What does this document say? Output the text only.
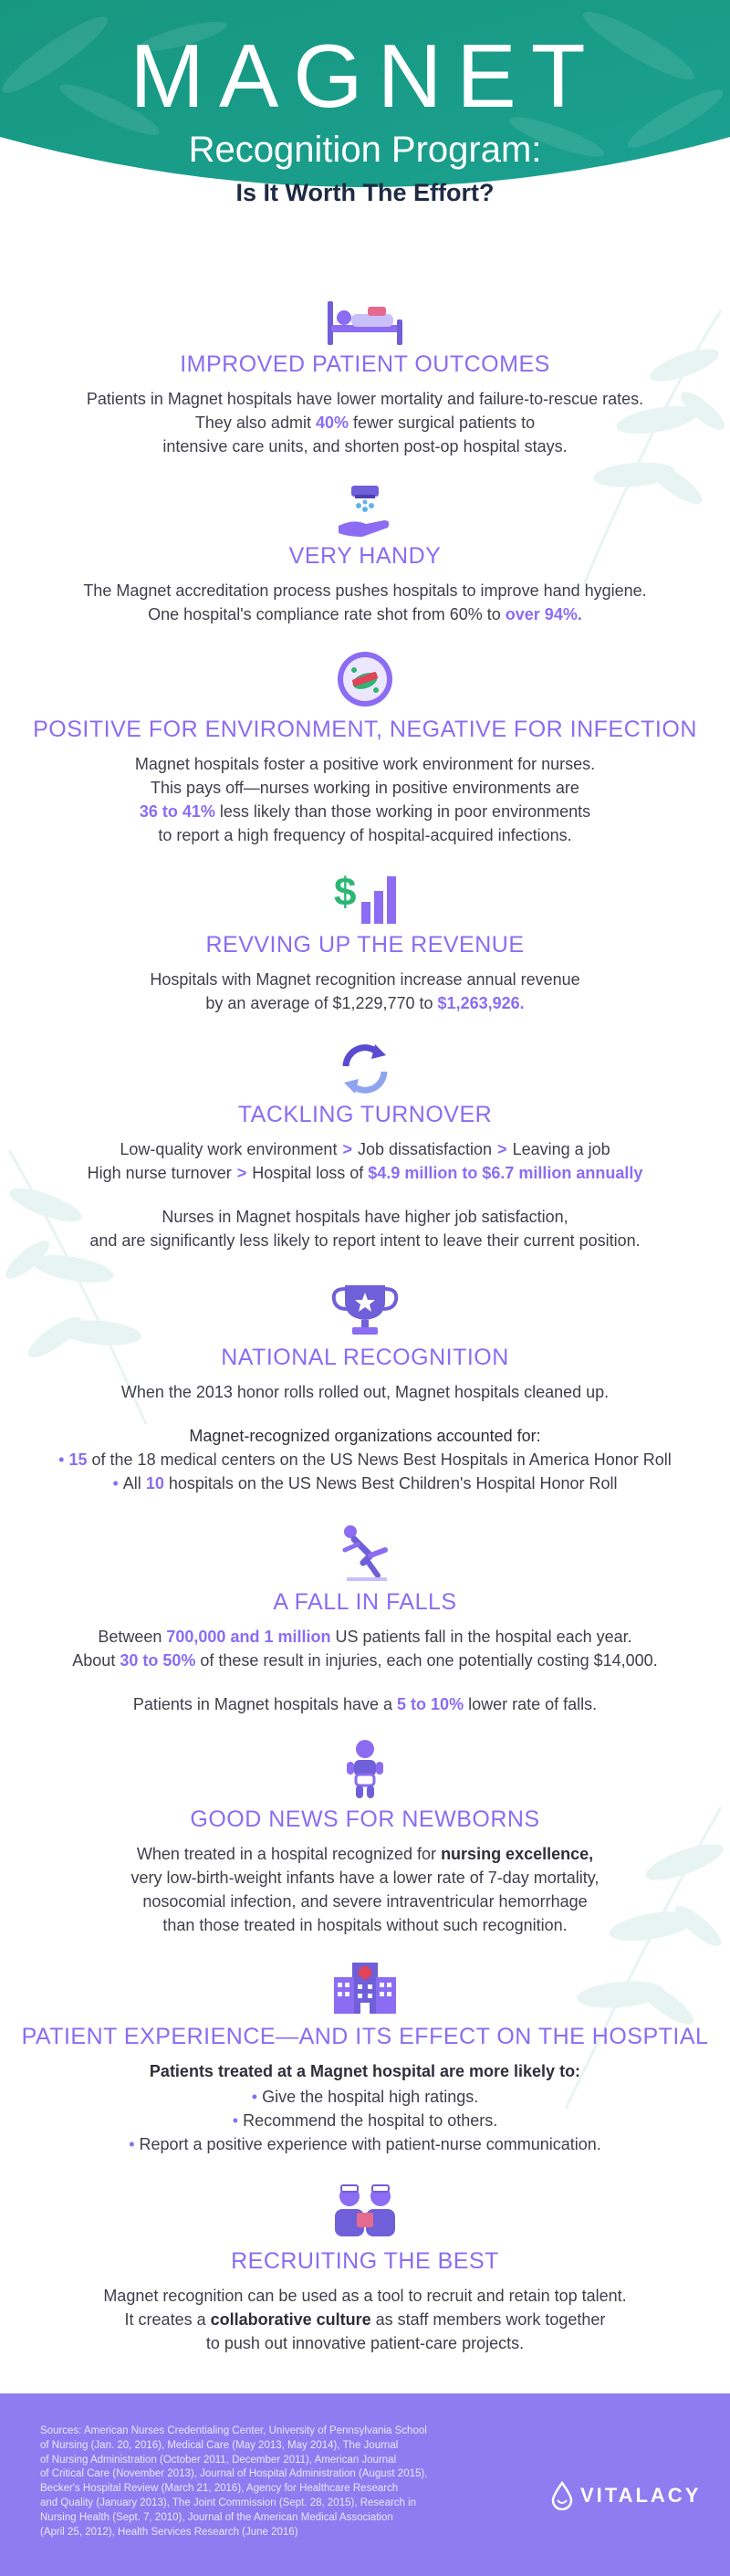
MAGNET
Recognition Program:
Is It Worth The Effort?
IMPROVED PATIENT OUTCOMES
Patients in Magnet hospitals have lower mortality and failure-to-rescue rates.
They also admit 40% fewer surgical patients to
intensive care units, and shorten post-op hospital stays.
VERY HANDY
The Magnet accreditation process pushes hospitals to improve hand hygiene.
One hospital's compliance rate shot from 60% to over 94%.
POSITIVE FOR ENVIRONMENT, NEGATIVE FOR INFECTION
Magnet hospitals foster a positive work environment for nurses.
This pays off—nurses working in positive environments are
36 to 41% less likely than those working in poor environments
to report a high frequency of hospital-acquired infections.
$
REVVING UP THE REVENUE
Hospitals with Magnet recognition increase annual revenue
by an average of $1,229,770 to $1,263,926.
TACKLING TURNOVER
Low-quality work environment > Job dissatisfaction > Leaving a job
High nurse turnover > Hospital loss of $4.9 million to $6.7 million annually
Nurses in Magnet hospitals have higher job satisfaction,
and are significantly less likely to report intent to leave their current position.
NATIONAL RECOGNITION
When the 2013 honor rolls rolled out, Magnet hospitals cleaned up.
Magnet-recognized organizations accounted for:
• 15 of the 18 medical centers on the US News Best Hospitals in America Honor Roll
• All 10 hospitals on the US News Best Children's Hospital Honor Roll
A FALL IN FALLS
Between 700,000 and 1 million US patients fall in the hospital each year.
About 30 to 50% of these result in injuries, each one potentially costing $14,000.
Patients in Magnet hospitals have a 5 to 10% lower rate of falls.
GOOD NEWS FOR NEWBORNS
When treated in a hospital recognized for nursing excellence,
very low-birth-weight infants have a lower rate of 7-day mortality,
nosocomial infection, and severe intraventricular hemorrhage
than those treated in hospitals without such recognition.
PATIENT EXPERIENCE—AND ITS EFFECT ON THE HOSPTIAL
Patients treated at a Magnet hospital are more likely to:
• Give the hospital high ratings.
• Recommend the hospital to others.
• Report a positive experience with patient-nurse communication.
RECRUITING THE BEST
Magnet recognition can be used as a tool to recruit and retain top talent.
It creates a collaborative culture as staff members work together
to push out innovative patient-care projects.
Sources: American Nurses Credentialing Center, University of Pennsylvania School
of Nursing (Jan. 20, 2016), Medical Care (May 2013, May 2014), The Journal
of Nursing Administration (October 2011, December 2011), American Journal
of Critical Care (November 2013), Journal of Hospital Administration (August 2015),
Becker's Hospital Review (March 21, 2016), Agency for Healthcare Research
and Quality (January 2013), The Joint Commission (Sept. 28, 2015), Research in
Nursing Health (Sept. 7, 2010), Journal of the American Medical Association
(April 25, 2012), Health Services Research (June 2016)
VITALACY
